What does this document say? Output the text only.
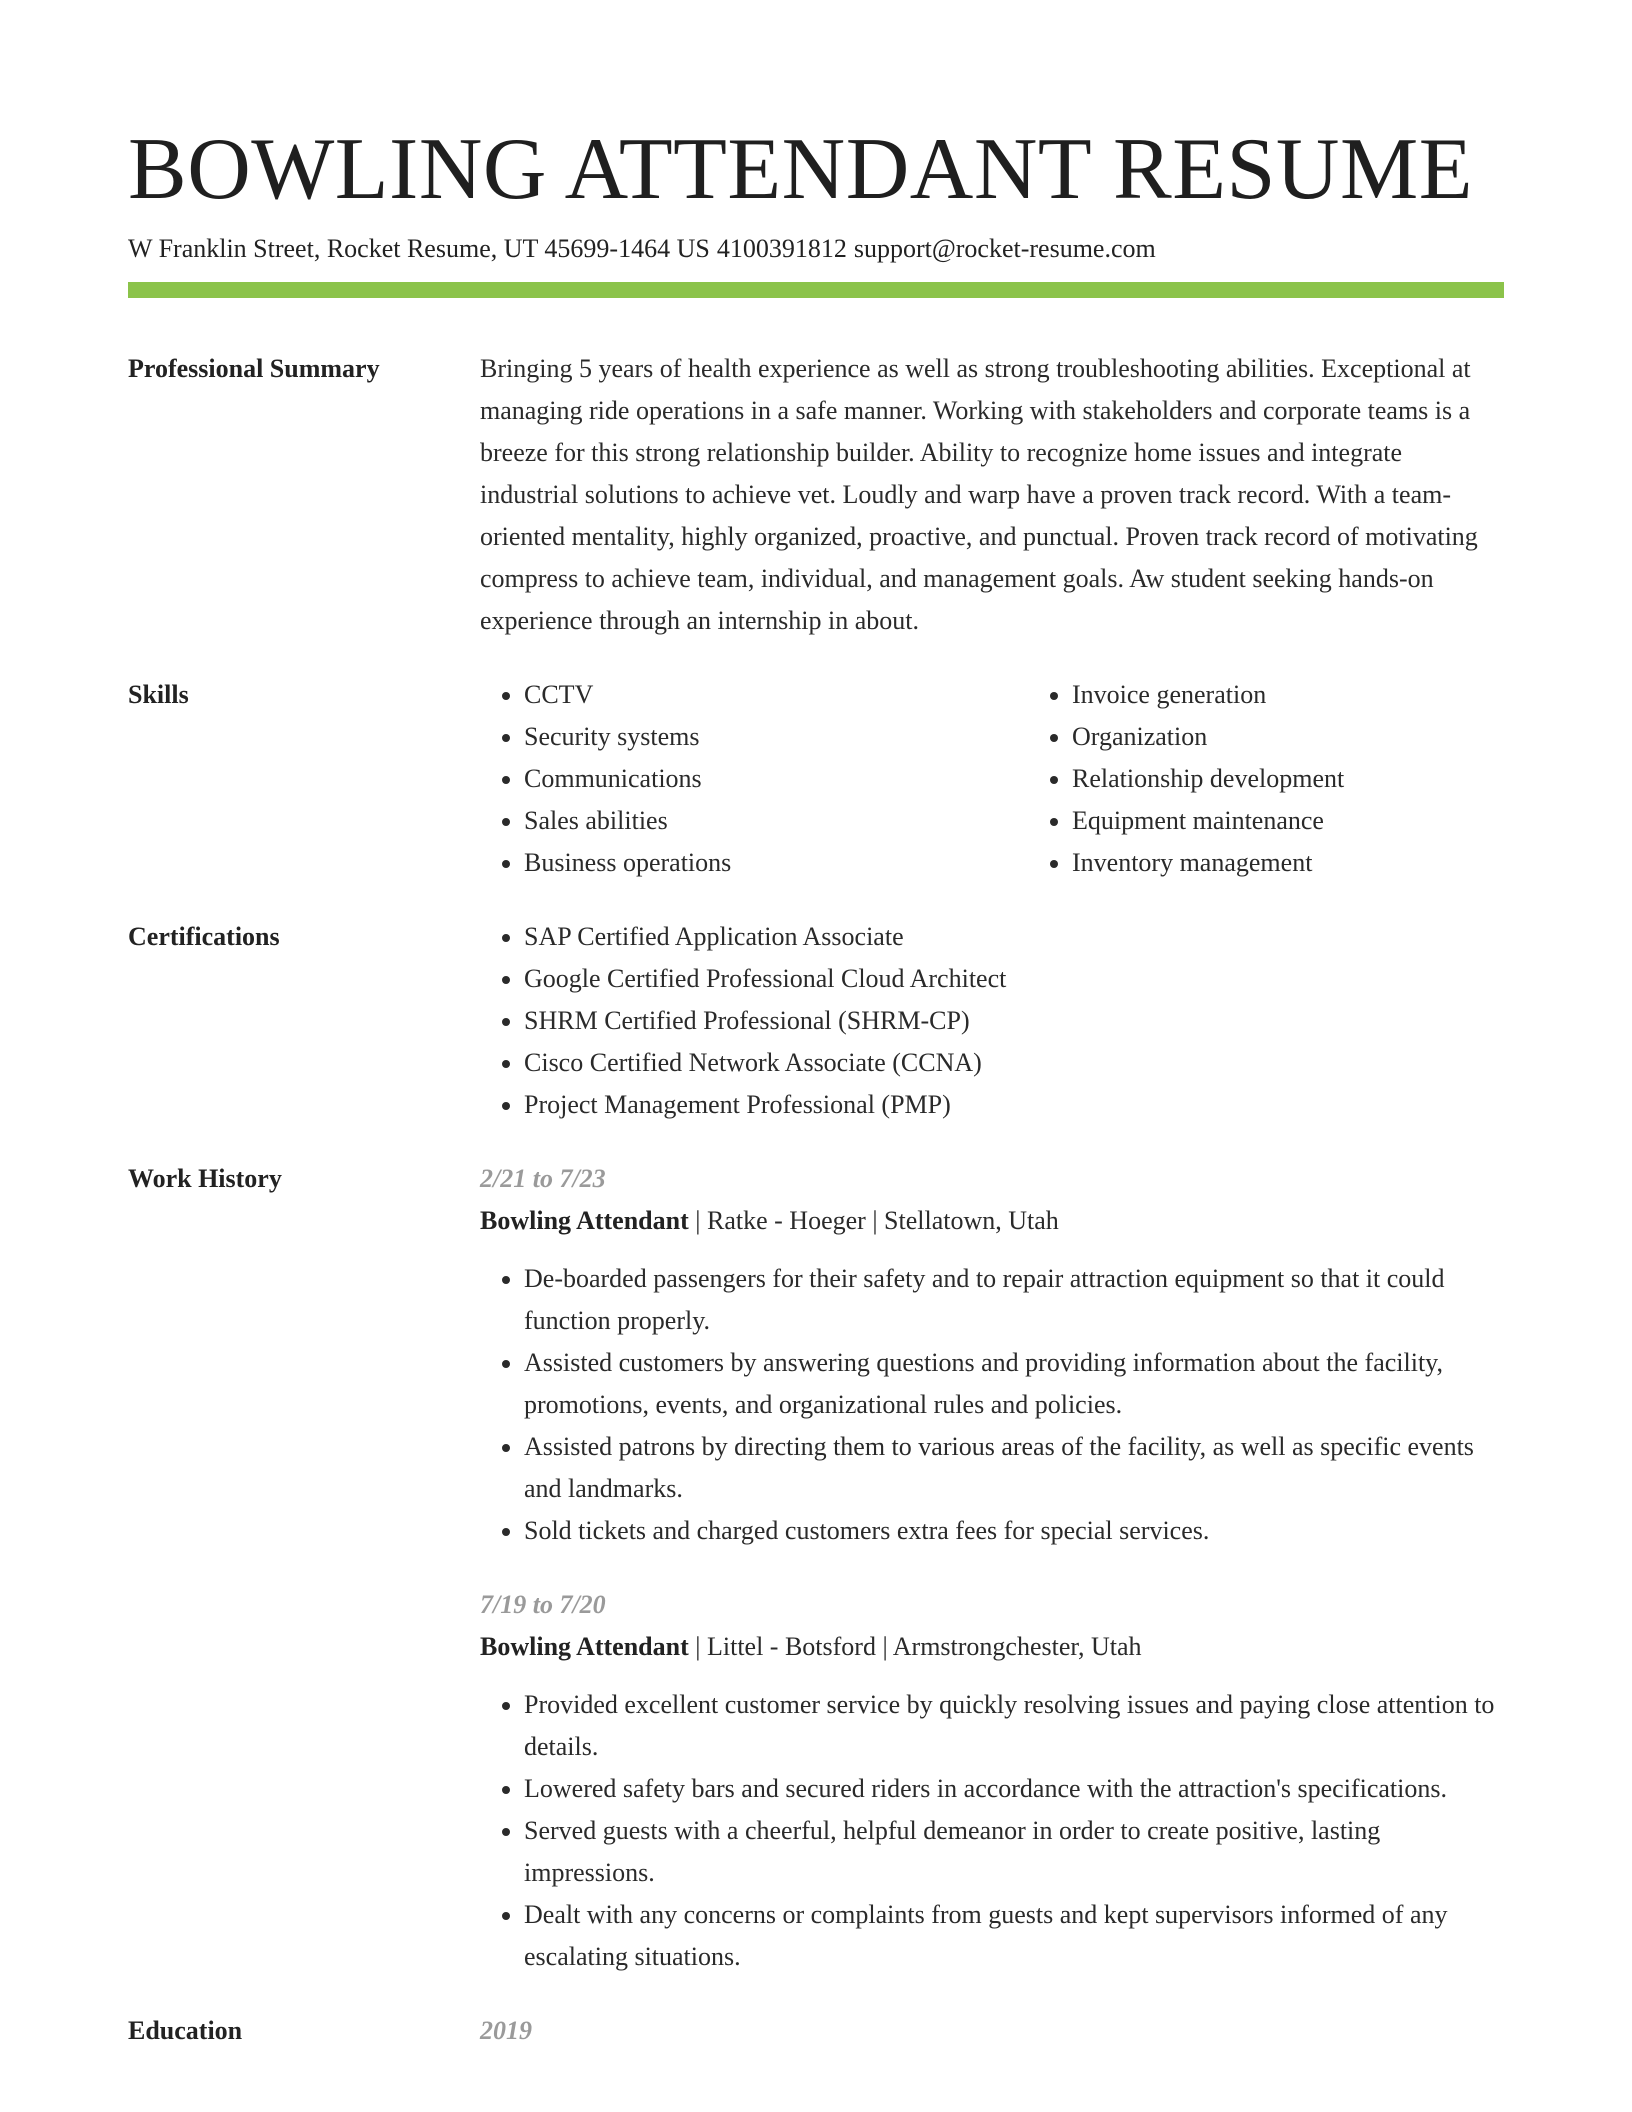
BOWLING ATTENDANT RESUME
W Franklin Street, Rocket Resume, UT 45699-1464 US 4100391812 support@rocket-resume.com
Professional Summary	Bringing 5 years of health experience as well as strong troubleshooting abilities. Exceptional at managing ride operations in a safe manner. Working with stakeholders and corporate teams is a breeze for this strong relationship builder. Ability to recognize home issues and integrate industrial solutions to achieve vet. Loudly and warp have a proven track record. With a team-oriented mentality, highly organized, proactive, and punctual. Proven track record of motivating compress to achieve team, individual, and management goals. Aw student seeking hands-on experience through an internship in about.

Skills	• CCTV
• Security systems
• Communications
• Sales abilities
• Business operations
• Invoice generation
• Organization
• Relationship development
• Equipment maintenance
• Inventory management
Certifications	• SAP Certified Application Associate
• Google Certified Professional Cloud Architect
• SHRM Certified Professional (SHRM-CP)
• Cisco Certified Network Associate (CCNA)
• Project Management Professional (PMP)
Work History	2/21 to 7/23
Bowling Attendant | Ratke - Hoeger | Stellatown, Utah
• De-boarded passengers for their safety and to repair attraction equipment so that it could function properly.
• Assisted customers by answering questions and providing information about the facility, promotions, events, and organizational rules and policies.
• Assisted patrons by directing them to various areas of the facility, as well as specific events and landmarks.
• Sold tickets and charged customers extra fees for special services.
7/19 to 7/20
Bowling Attendant | Littel - Botsford | Armstrongchester, Utah
• Provided excellent customer service by quickly resolving issues and paying close attention to details.
• Lowered safety bars and secured riders in accordance with the attraction's specifications.
• Served guests with a cheerful, helpful demeanor in order to create positive, lasting impressions.
• Dealt with any concerns or complaints from guests and kept supervisors informed of any escalating situations.
Education	2019
